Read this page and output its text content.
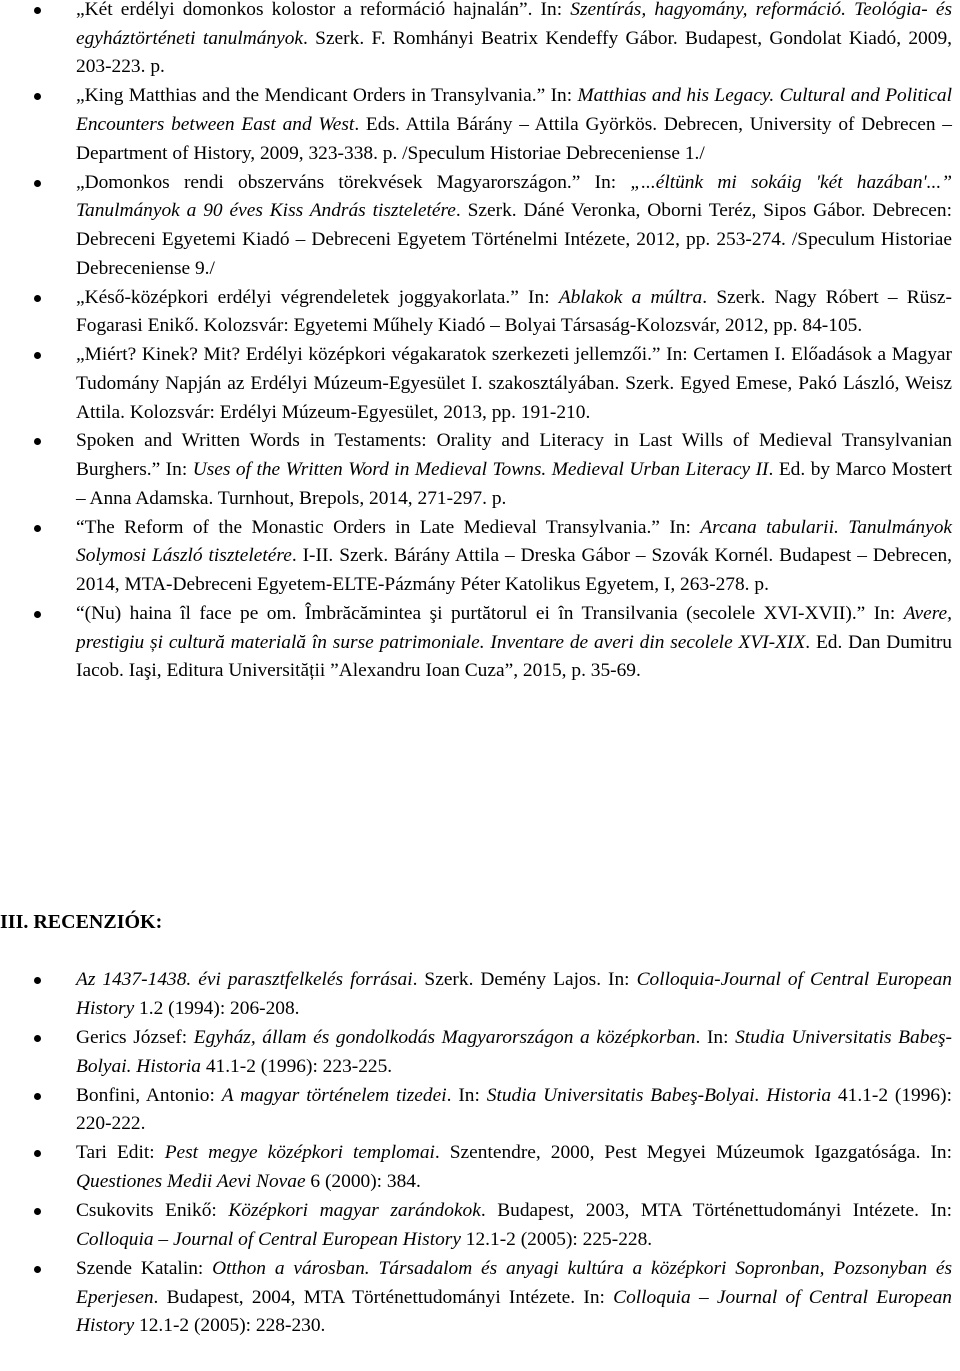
„Két erdélyi domonkos kolostor a reformáció hajnalán”. In: Szentírás, hagyomány, reformáció. Teológia- és egyháztörténeti tanulmányok. Szerk. F. Romhányi Beatrix Kendeffy Gábor. Budapest, Gondolat Kiadó, 2009, 203-223. p.
„King Matthias and the Mendicant Orders in Transylvania.” In: Matthias and his Legacy. Cultural and Political Encounters between East and West. Eds. Attila Bárány – Attila Györkös. Debrecen, University of Debrecen – Department of History, 2009, 323-338. p. /Speculum Historiae Debreceniense 1./
„Domonkos rendi obszerváns törekvések Magyarországon.” In: „...éltünk mi sokáig 'két hazában'...” Tanulmányok a 90 éves Kiss András tiszteletére. Szerk. Dáné Veronka, Oborni Teréz, Sipos Gábor. Debrecen: Debreceni Egyetemi Kiadó – Debreceni Egyetem Történelmi Intézete, 2012, pp. 253-274. /Speculum Historiae Debreceniense 9./
„Késő-középkori erdélyi végrendeletek joggyakorlata.” In: Ablakok a múltra. Szerk. Nagy Róbert – Rüsz-Fogarasi Enikő. Kolozsvár: Egyetemi Műhely Kiadó – Bolyai Társaság-Kolozsvár, 2012, pp. 84-105.
„Miért? Kinek? Mit? Erdélyi középkori végakaratok szerkezeti jellemzői.” In: Certamen I. Előadások a Magyar Tudomány Napján az Erdélyi Múzeum-Egyesület I. szakosztályában. Szerk. Egyed Emese, Pakó László, Weisz Attila. Kolozsvár: Erdélyi Múzeum-Egyesület, 2013, pp. 191-210.
Spoken and Written Words in Testaments: Orality and Literacy in Last Wills of Medieval Transylvanian Burghers.” In: Uses of the Written Word in Medieval Towns. Medieval Urban Literacy II. Ed. by Marco Mostert – Anna Adamska. Turnhout, Brepols, 2014, 271-297. p.
“The Reform of the Monastic Orders in Late Medieval Transylvania.” In: Arcana tabularii. Tanulmányok Solymosi László tiszteletére. I-II. Szerk. Bárány Attila – Dreska Gábor – Szovák Kornél. Budapest – Debrecen, 2014, MTA-Debreceni Egyetem-ELTE-Pázmány Péter Katolikus Egyetem, I, 263-278. p.
“(Nu) haina îl face pe om. Îmbrăcămintea şi purtătorul ei în Transilvania (secolele XVI-XVII).” In: Avere, prestigiu și cultură materială în surse patrimoniale. Inventare de averi din secolele XVI-XIX. Ed. Dan Dumitru Iacob. Iaşi, Editura Universității ”Alexandru Ioan Cuza”, 2015, p. 35-69.
III. RECENZIÓK:
Az 1437-1438. évi parasztfelkelés forrásai. Szerk. Demény Lajos. In: Colloquia-Journal of Central European History 1.2 (1994): 206-208.
Gerics József: Egyház, állam és gondolkodás Magyarországon a középkorban. In: Studia Universitatis Babeş-Bolyai. Historia 41.1-2 (1996): 223-225.
Bonfini, Antonio: A magyar történelem tizedei. In: Studia Universitatis Babeş-Bolyai. Historia 41.1-2 (1996): 220-222.
Tari Edit: Pest megye középkori templomai. Szentendre, 2000, Pest Megyei Múzeumok Igazgatósága. In: Questiones Medii Aevi Novae 6 (2000): 384.
Csukovits Enikő: Középkori magyar zarándokok. Budapest, 2003, MTA Történettudományi Intézete. In: Colloquia – Journal of Central European History 12.1-2 (2005): 225-228.
Szende Katalin: Otthon a városban. Társadalom és anyagi kultúra a középkori Sopronban, Pozsonyban és Eperjesen. Budapest, 2004, MTA Történettudományi Intézete. In: Colloquia – Journal of Central European History 12.1-2 (2005): 228-230.
